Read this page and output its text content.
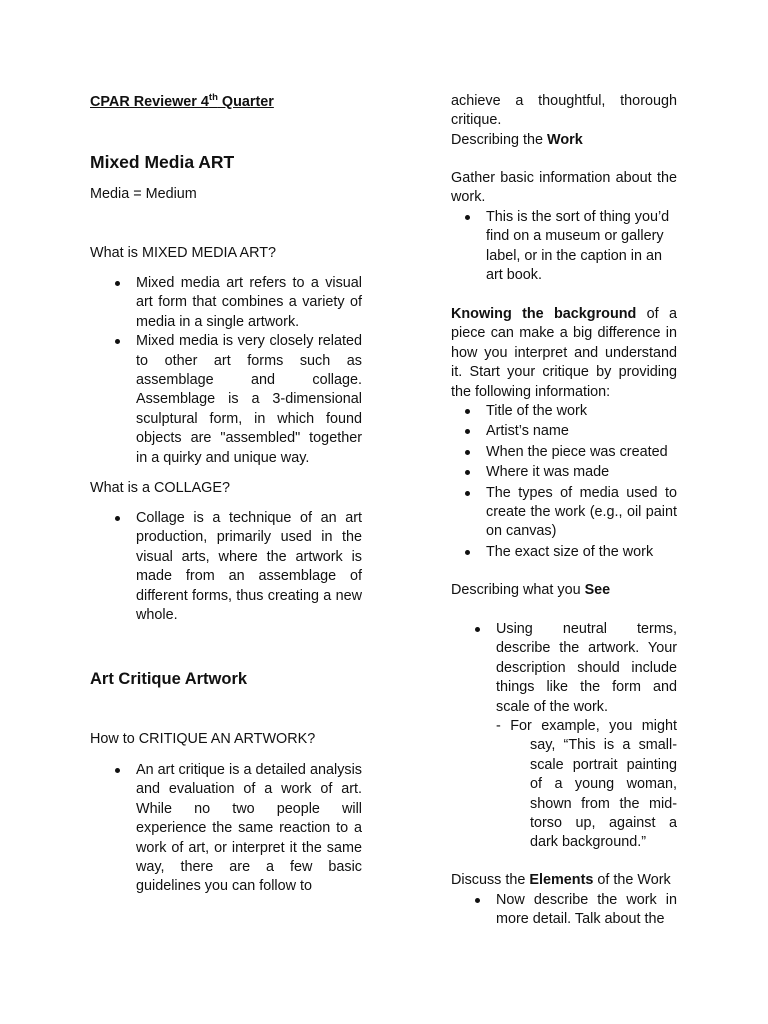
CPAR Reviewer 4th Quarter

Mixed Media ART

Media = Medium

What is MIXED MEDIA ART?

Mixed media art refers to a visual art form that combines a variety of media in a single artwork.
Mixed media is very closely related to other art forms such as assemblage and collage. Assemblage is a 3-dimensional sculptural form, in which found objects are "assembled" together in a quirky and unique way.

What is a COLLAGE?

Collage is a technique of an art production, primarily used in the visual arts, where the artwork is made from an assemblage of different forms, thus creating a new whole.

Art Critique Artwork

How to CRITIQUE AN ARTWORK?

An art critique is a detailed analysis and evaluation of a work of art. While no two people will experience the same reaction to a work of art, or interpret it the same way, there are a few basic guidelines you can follow to

achieve a thoughtful, thorough critique.

Describing the Work

Gather basic information about the work.

This is the sort of thing you’d find on a museum or gallery label, or in the caption in an art book.

Knowing the background of a piece can make a big difference in how you interpret and understand it. Start your critique by providing the following information:

Title of the work
Artist’s name
When the piece was created
Where it was made
The types of media used to create the work (e.g., oil paint on canvas)
The exact size of the work

Describing what you See

Using neutral terms, describe the artwork. Your description should include things like the form and scale of the work.
- For example, you might say, “This is a small-scale portrait painting of a young woman, shown from the mid-torso up, against a dark background.”

Discuss the Elements of the Work

Now describe the work in more detail. Talk about the
